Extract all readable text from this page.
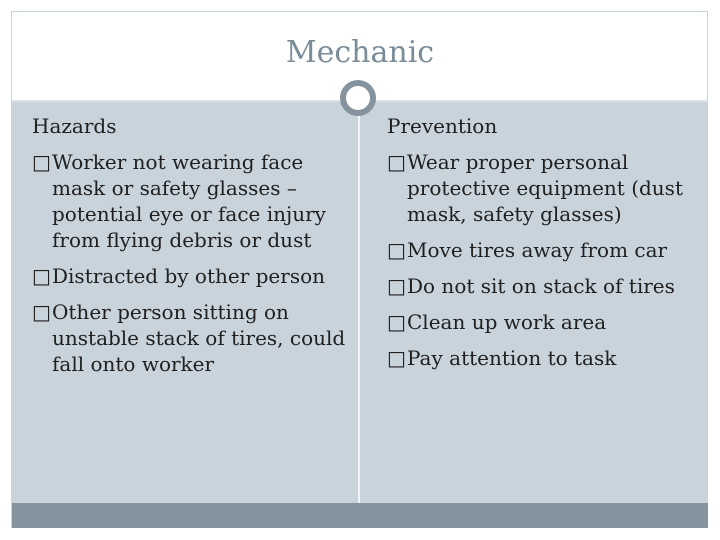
Mechanic
Hazards
□ Worker not wearing face mask or safety glasses – potential eye or face injury from flying debris or dust
□ Distracted by other person
□ Other person sitting on unstable stack of tires, could fall onto worker
Prevention
□ Wear proper personal protective equipment (dust mask, safety glasses)
□ Move tires away from car
□ Do not sit on stack of tires
□ Clean up work area
□ Pay attention to task
